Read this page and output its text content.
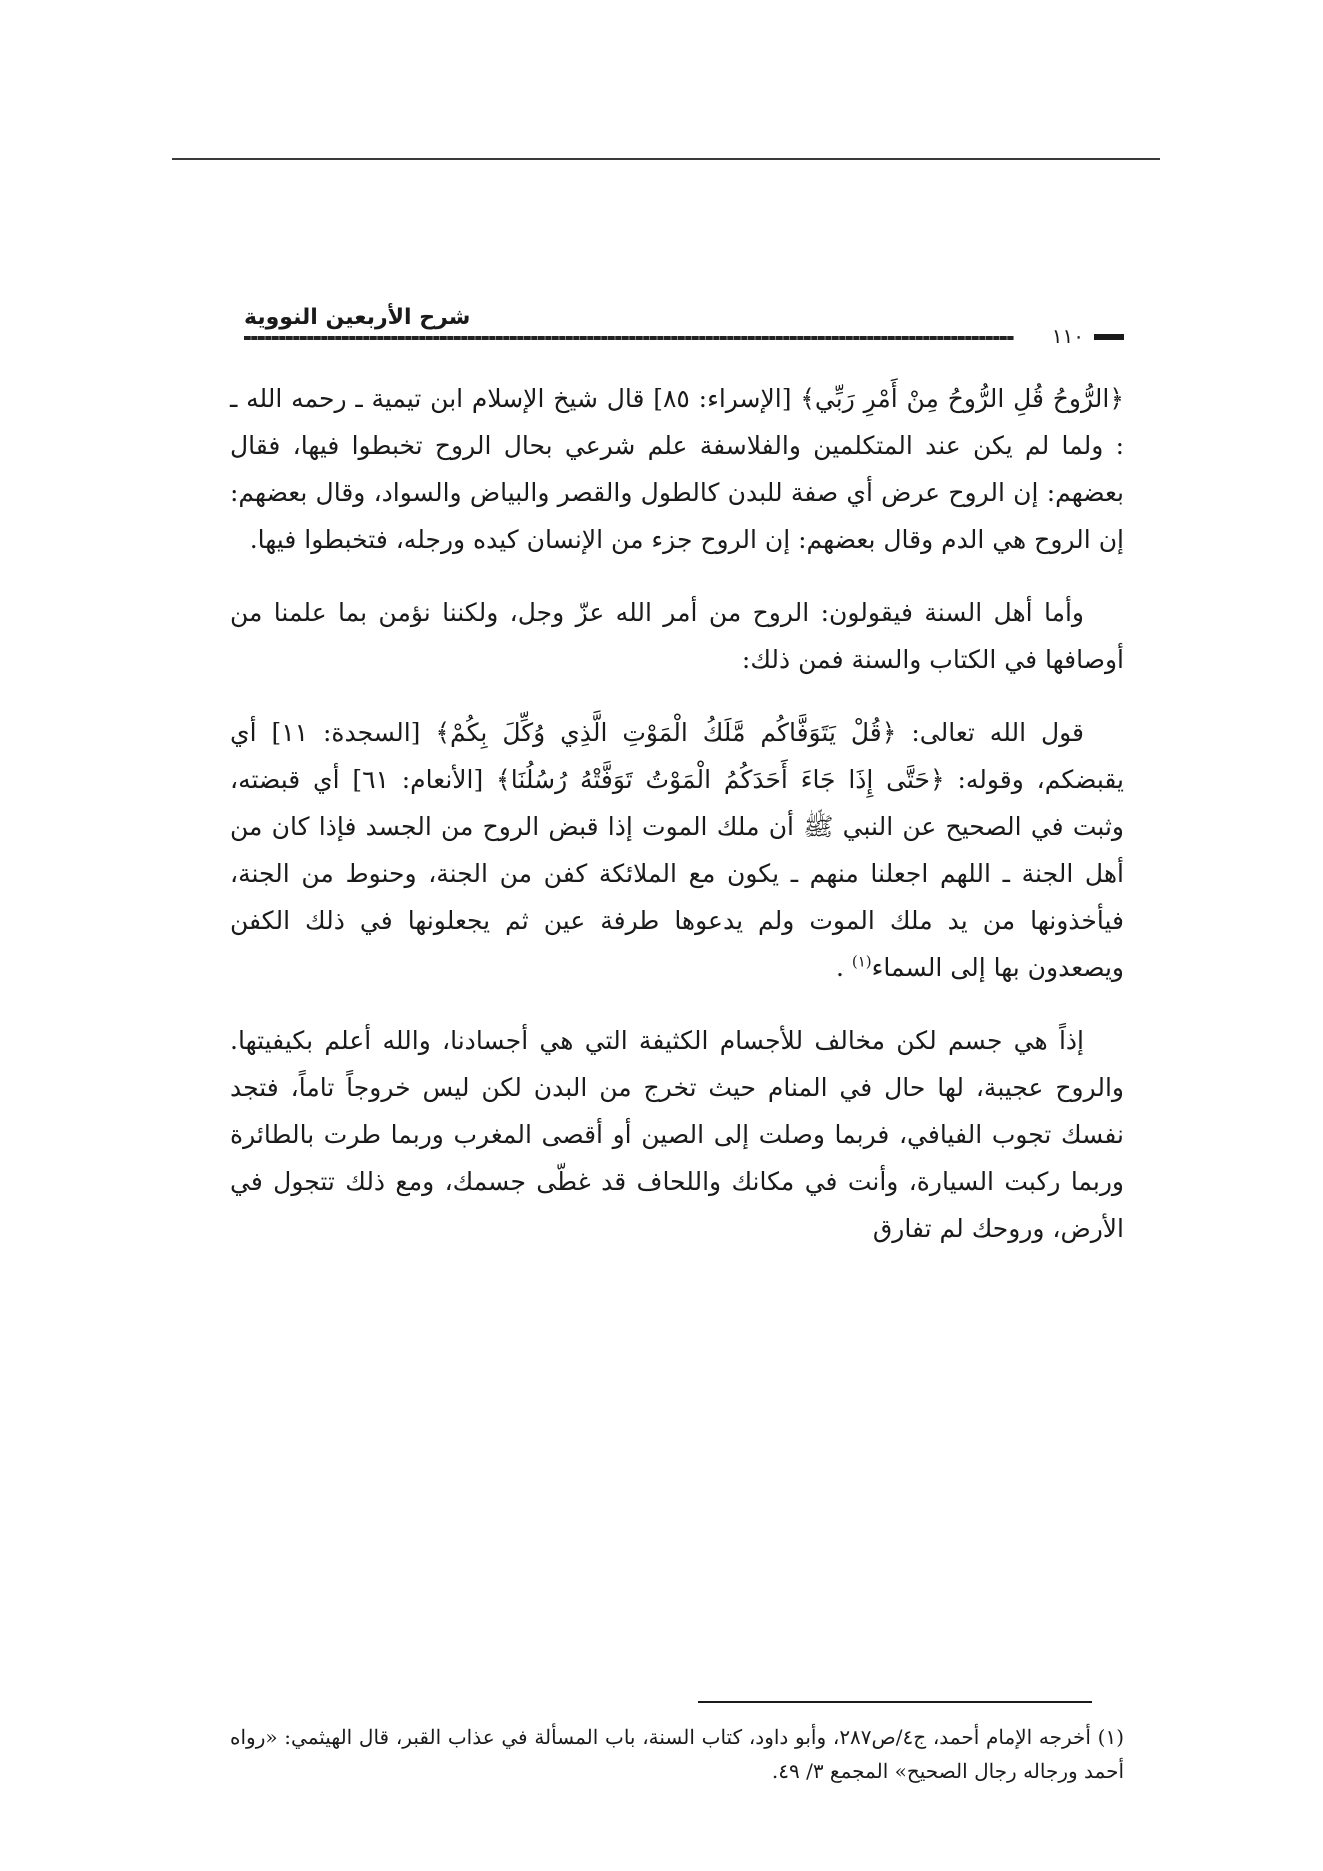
شرح الأربعين النووية
١١٠

﴿الرُّوحُ قُلِ الرُّوحُ مِنْ أَمْرِ رَبِّي﴾ [الإسراء: ٨٥] قال شيخ الإسلام ابن تيمية ـ رحمه الله ـ : ولما لم يكن عند المتكلمين والفلاسفة علم شرعي بحال الروح تخبطوا فيها، فقال بعضهم: إن الروح عرض أي صفة للبدن كالطول والقصر والبياض والسواد، وقال بعضهم: إن الروح هي الدم وقال بعضهم: إن الروح جزء من الإنسان كيده ورجله، فتخبطوا فيها.

وأما أهل السنة فيقولون: الروح من أمر الله عزّ وجل، ولكننا نؤمن بما علمنا من أوصافها في الكتاب والسنة فمن ذلك:

قول الله تعالى: ﴿قُلْ يَتَوَفَّاكُم مَّلَكُ الْمَوْتِ الَّذِي وُكِّلَ بِكُمْ﴾ [السجدة: ١١] أي يقبضكم، وقوله: ﴿حَتَّى إِذَا جَاءَ أَحَدَكُمُ الْمَوْتُ تَوَفَّتْهُ رُسُلُنَا﴾ [الأنعام: ٦١] أي قبضته، وثبت في الصحيح عن النبي ﷺ أن ملك الموت إذا قبض الروح من الجسد فإذا كان من أهل الجنة ـ اللهم اجعلنا منهم ـ يكون مع الملائكة كفن من الجنة، وحنوط من الجنة، فيأخذونها من يد ملك الموت ولم يدعوها طرفة عين ثم يجعلونها في ذلك الكفن ويصعدون بها إلى السماء$^{(١)}$ .

إذاً هي جسم لكن مخالف للأجسام الكثيفة التي هي أجسادنا، والله أعلم بكيفيتها. والروح عجيبة، لها حال في المنام حيث تخرج من البدن لكن ليس خروجاً تاماً، فتجد نفسك تجوب الفيافي، فربما وصلت إلى الصين أو أقصى المغرب وربما طرت بالطائرة وربما ركبت السيارة، وأنت في مكانك واللحاف قد غطّى جسمك، ومع ذلك تتجول في الأرض، وروحك لم تفارق

(١) أخرجه الإمام أحمد، ج٤/ص٢٨٧، وأبو داود، كتاب السنة، باب المسألة في عذاب القبر، قال الهيثمي: «رواه أحمد ورجاله رجال الصحيح» المجمع ٣/ ٤٩.
